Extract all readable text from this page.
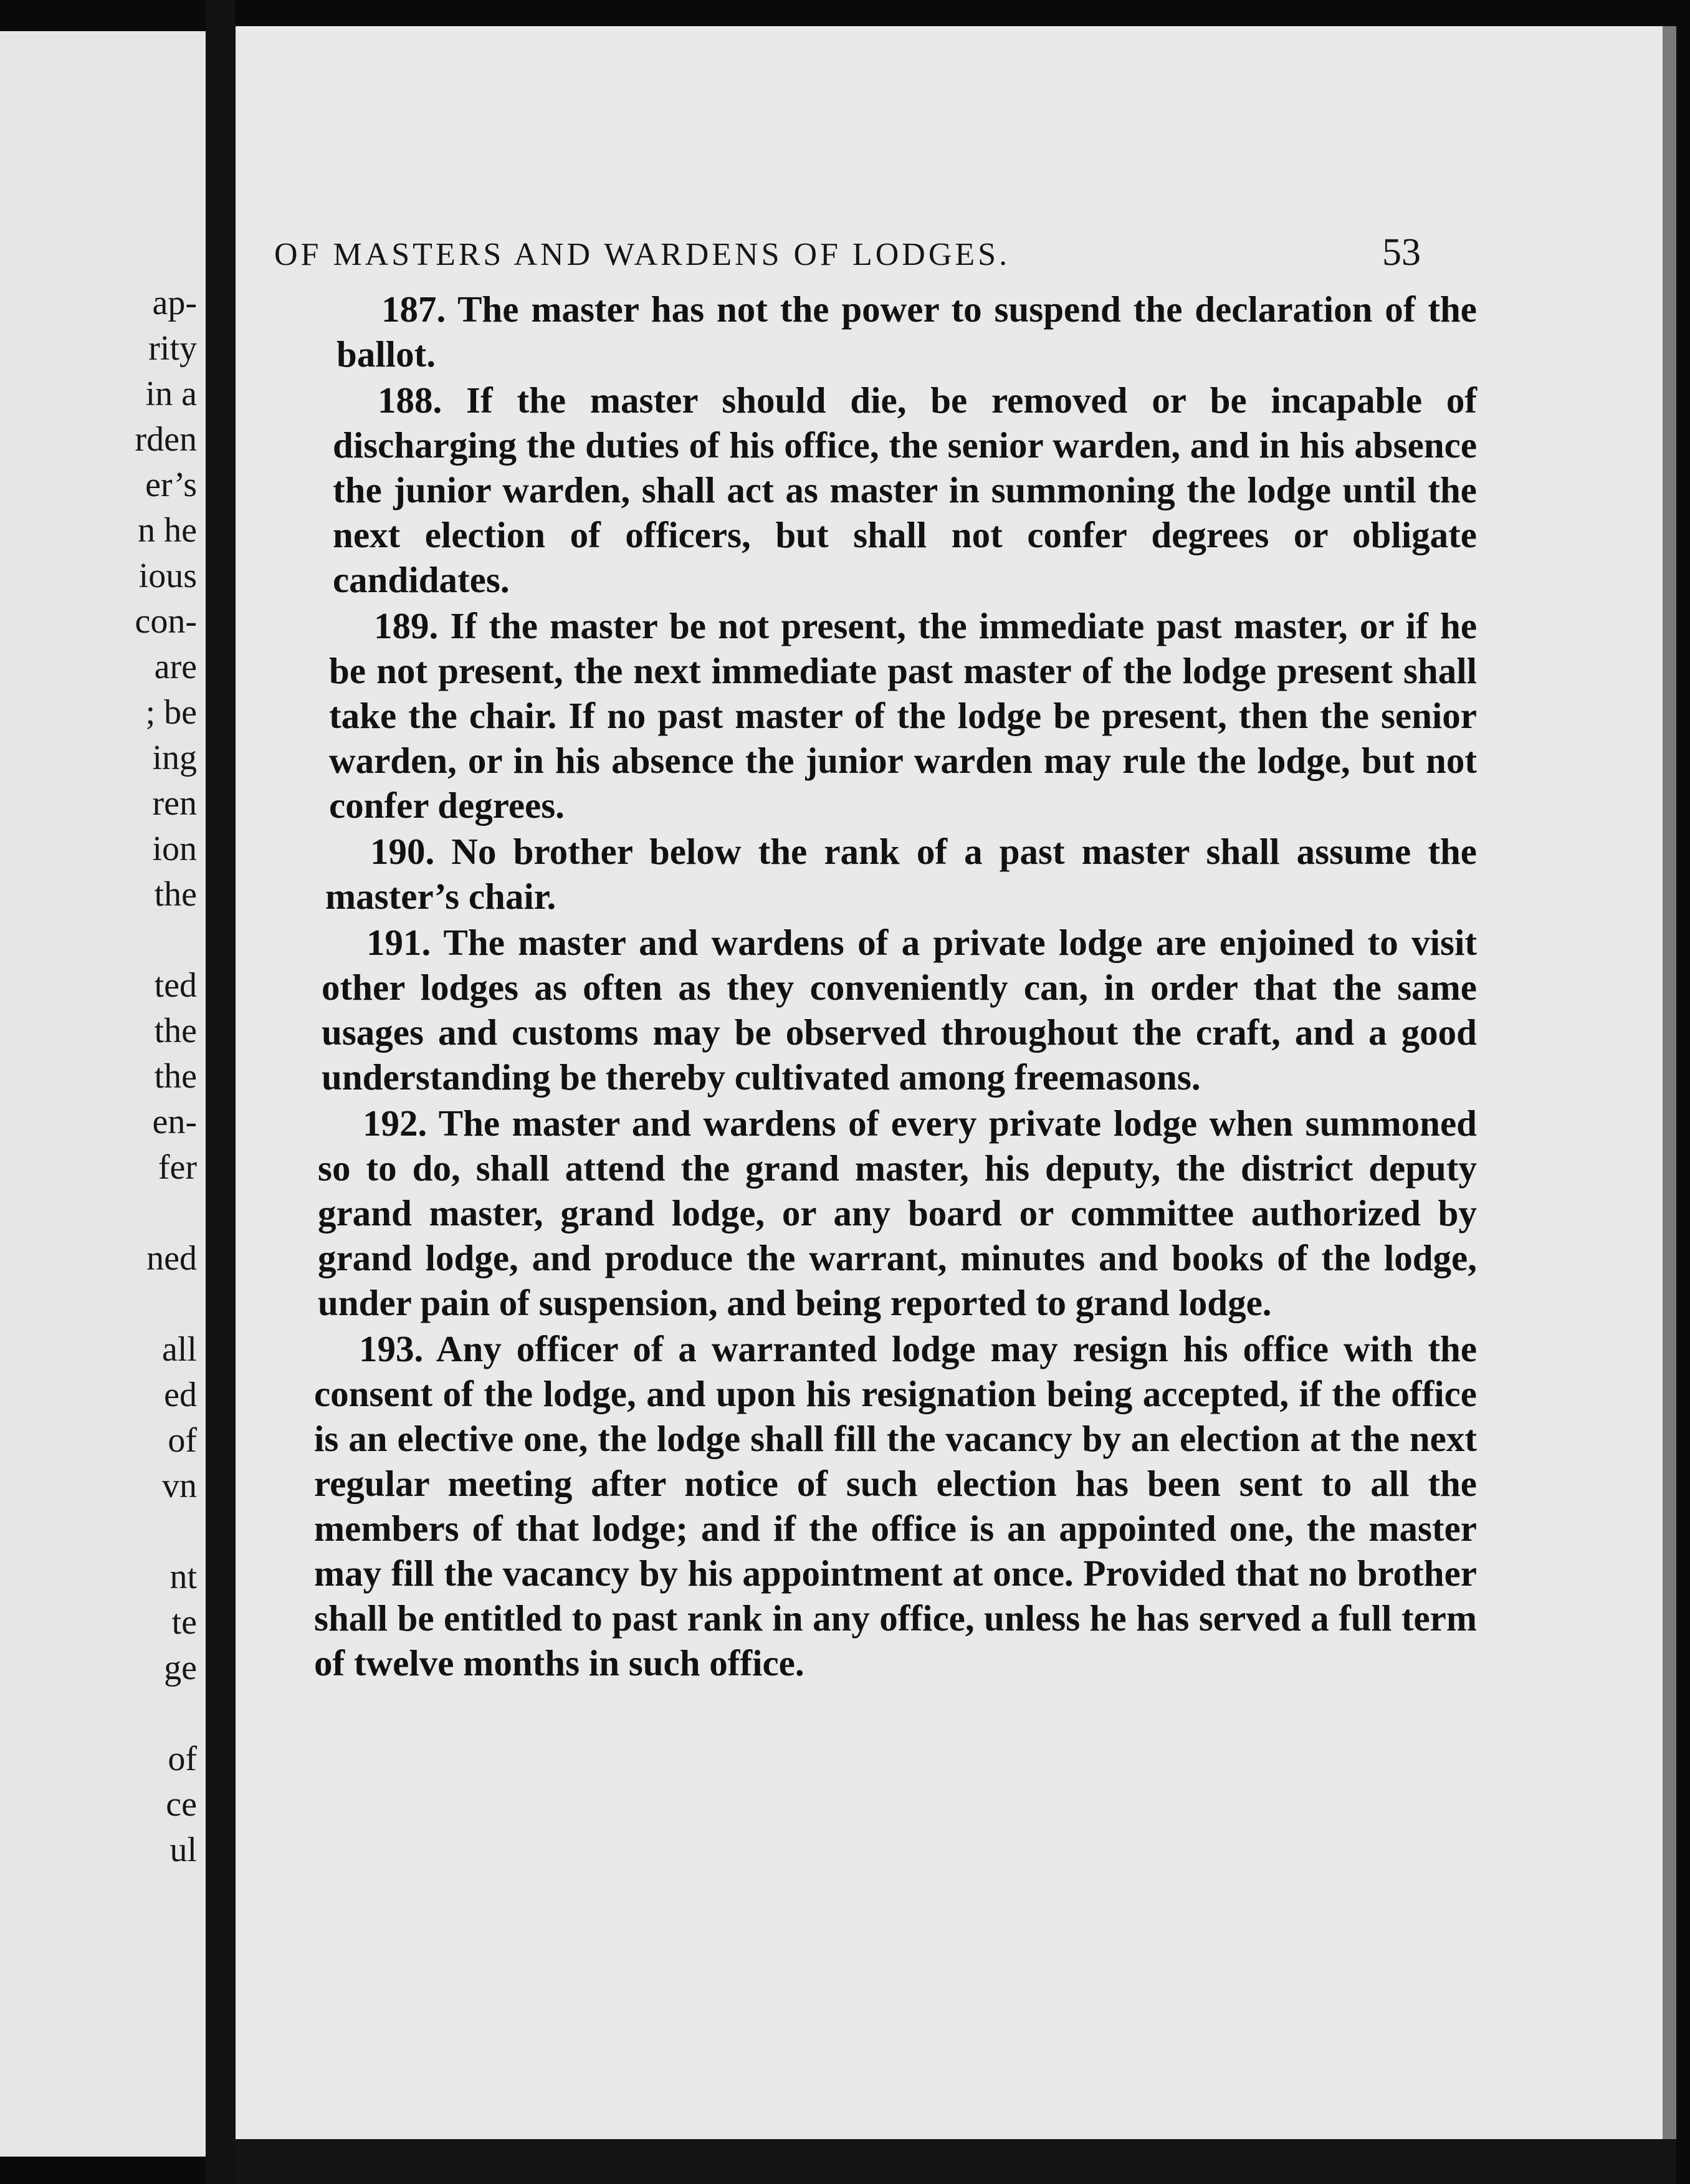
ap-
rity
in a
rden
er’s
n he
ious
con-
are
; be
ing
ren
ion
the
ted
the
the
en-
fer
ned
all
ed
of
vn
nt
te
ge
of
ce
ul
OF MASTERS AND WARDENS OF LODGES.	53

187. The master has not the power to suspend the declaration of the ballot.

188. If the master should die, be removed or be incapable of discharging the duties of his office, the senior warden, and in his absence the junior warden, shall act as master in summoning the lodge until the next election of officers, but shall not confer degrees or obligate candidates.

189. If the master be not present, the immediate past master, or if he be not present, the next immediate past master of the lodge present shall take the chair. If no past master of the lodge be present, then the senior warden, or in his absence the junior warden may rule the lodge, but not confer degrees.

190. No brother below the rank of a past master shall assume the master’s chair.

191. The master and wardens of a private lodge are enjoined to visit other lodges as often as they conveniently can, in order that the same usages and customs may be observed throughout the craft, and a good understanding be thereby cultivated among freemasons.

192. The master and wardens of every private lodge when summoned so to do, shall attend the grand master, his deputy, the district deputy grand master, grand lodge, or any board or committee authorized by grand lodge, and produce the warrant, minutes and books of the lodge, under pain of suspension, and being reported to grand lodge.

193. Any officer of a warranted lodge may resign his office with the consent of the lodge, and upon his resignation being accepted, if the office is an elective one, the lodge shall fill the vacancy by an election at the next regular meeting after notice of such election has been sent to all the members of that lodge; and if the office is an appointed one, the master may fill the vacancy by his appointment at once. Provided that no brother shall be entitled to past rank in any office, unless he has served a full term of twelve months in such office.
